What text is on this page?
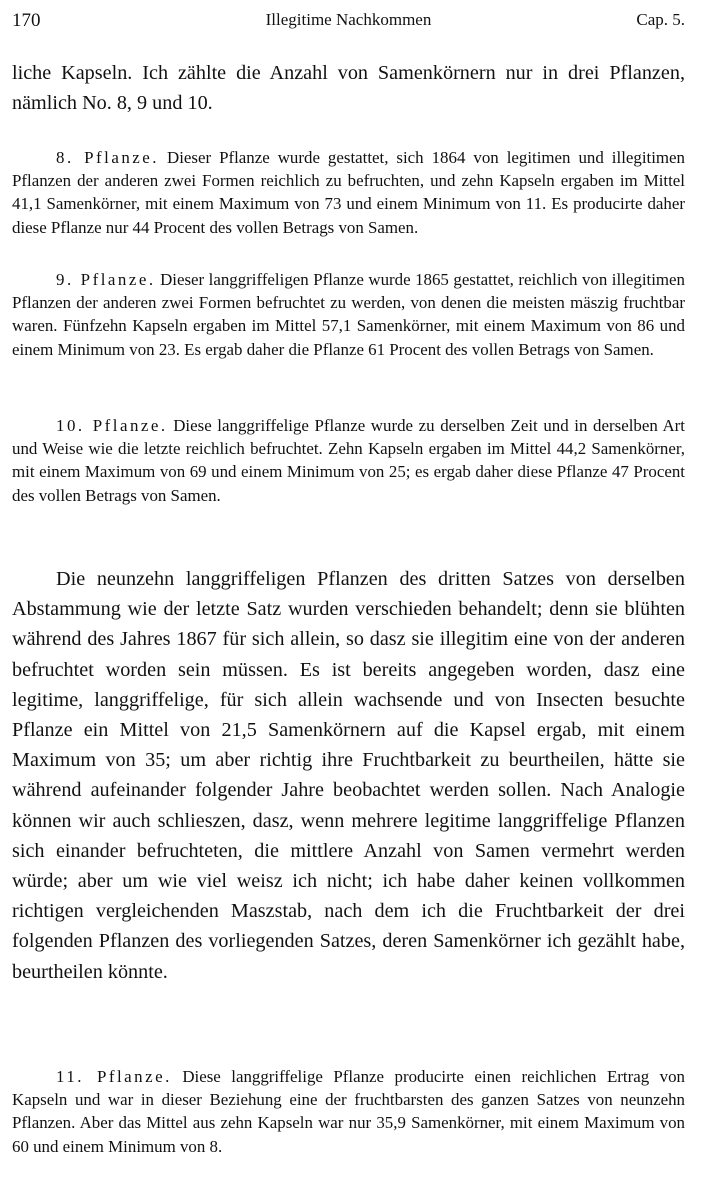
170	Illegitime Nachkommen	Cap. 5.
liche Kapseln. Ich zählte die Anzahl von Samenkörnern nur in drei Pflanzen, nämlich No. 8, 9 und 10.
8. Pflanze. Dieser Pflanze wurde gestattet, sich 1864 von legitimen und illegitimen Pflanzen der anderen zwei Formen reichlich zu befruchten, und zehn Kapseln ergaben im Mittel 41,1 Samenkörner, mit einem Maximum von 73 und einem Minimum von 11. Es producirte daher diese Pflanze nur 44 Procent des vollen Betrags von Samen.
9. Pflanze. Dieser langgriffeligen Pflanze wurde 1865 gestattet, reichlich von illegitimen Pflanzen der anderen zwei Formen befruchtet zu werden, von denen die meisten mäszig fruchtbar waren. Fünfzehn Kapseln ergaben im Mittel 57,1 Samenkörner, mit einem Maximum von 86 und einem Minimum von 23. Es ergab daher die Pflanze 61 Procent des vollen Betrags von Samen.
10. Pflanze. Diese langgriffelige Pflanze wurde zu derselben Zeit und in derselben Art und Weise wie die letzte reichlich befruchtet. Zehn Kapseln ergaben im Mittel 44,2 Samenkörner, mit einem Maximum von 69 und einem Minimum von 25; es ergab daher diese Pflanze 47 Procent des vollen Betrags von Samen.
Die neunzehn langgriffeligen Pflanzen des dritten Satzes von derselben Abstammung wie der letzte Satz wurden verschieden behandelt; denn sie blühten während des Jahres 1867 für sich allein, so dasz sie illegitim eine von der anderen befruchtet worden sein müssen. Es ist bereits angegeben worden, dasz eine legitime, langgriffelige, für sich allein wachsende und von Insecten besuchte Pflanze ein Mittel von 21,5 Samenkörnern auf die Kapsel ergab, mit einem Maximum von 35; um aber richtig ihre Fruchtbarkeit zu beurtheilen, hätte sie während aufeinander folgender Jahre beobachtet werden sollen. Nach Analogie können wir auch schlieszen, dasz, wenn mehrere legitime langgriffelige Pflanzen sich einander befruchteten, die mittlere Anzahl von Samen vermehrt werden würde; aber um wie viel weisz ich nicht; ich habe daher keinen vollkommen richtigen vergleichenden Maszstab, nach dem ich die Fruchtbarkeit der drei folgenden Pflanzen des vorliegenden Satzes, deren Samenkörner ich gezählt habe, beurtheilen könnte.
11. Pflanze. Diese langgriffelige Pflanze producirte einen reichlichen Ertrag von Kapseln und war in dieser Beziehung eine der fruchtbarsten des ganzen Satzes von neunzehn Pflanzen. Aber das Mittel aus zehn Kapseln war nur 35,9 Samenkörner, mit einem Maximum von 60 und einem Minimum von 8.
